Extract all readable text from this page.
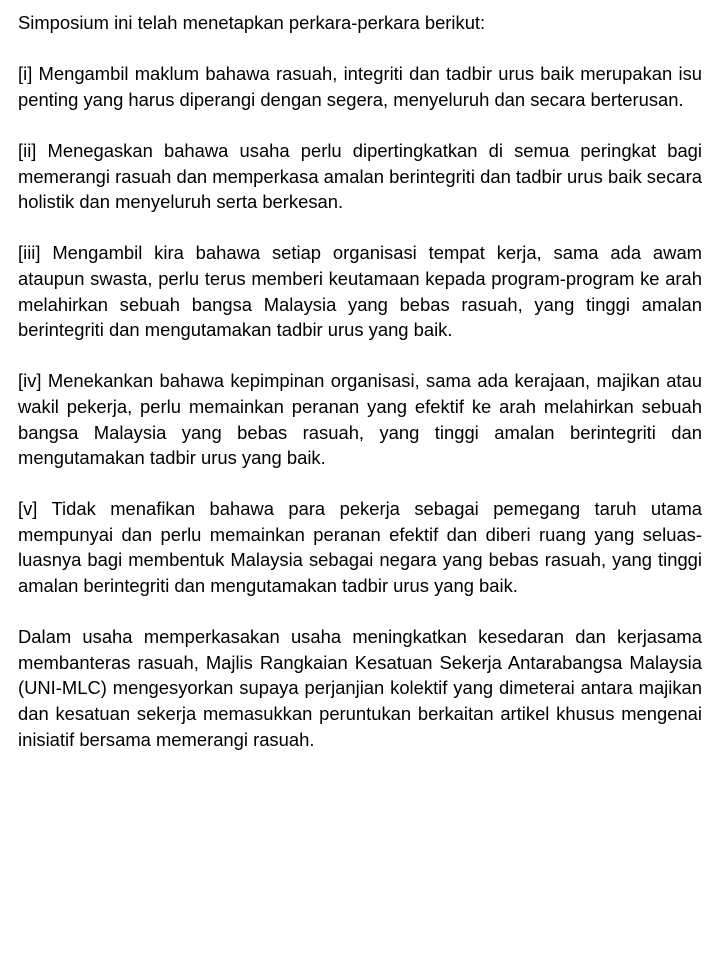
Simposium ini telah menetapkan perkara-perkara berikut:

[i] Mengambil maklum bahawa rasuah, integriti dan tadbir urus baik merupakan isu penting yang harus diperangi dengan segera, menyeluruh dan secara berterusan.

[ii] Menegaskan bahawa usaha perlu dipertingkatkan di semua peringkat bagi memerangi rasuah dan memperkasa amalan berintegriti dan tadbir urus baik secara holistik dan menyeluruh serta berkesan.

[iii] Mengambil kira bahawa setiap organisasi tempat kerja, sama ada awam ataupun swasta, perlu terus memberi keutamaan kepada program-program ke arah melahirkan sebuah bangsa Malaysia yang bebas rasuah, yang tinggi amalan berintegriti dan mengutamakan tadbir urus yang baik.

[iv] Menekankan bahawa kepimpinan organisasi, sama ada kerajaan, majikan atau wakil pekerja, perlu memainkan peranan yang efektif ke arah melahirkan sebuah bangsa Malaysia yang bebas rasuah, yang tinggi amalan berintegriti dan mengutamakan tadbir urus yang baik.

[v] Tidak menafikan bahawa para pekerja sebagai pemegang taruh utama mempunyai dan perlu memainkan peranan efektif dan diberi ruang yang seluas-luasnya bagi membentuk Malaysia sebagai negara yang bebas rasuah, yang tinggi amalan berintegriti dan mengutamakan tadbir urus yang baik.

Dalam usaha memperkasakan usaha meningkatkan kesedaran dan kerjasama membanteras rasuah, Majlis Rangkaian Kesatuan Sekerja Antarabangsa Malaysia (UNI-MLC) mengesyorkan supaya perjanjian kolektif yang dimeterai antara majikan dan kesatuan sekerja memasukkan peruntukan berkaitan artikel khusus mengenai inisiatif bersama memerangi rasuah.
